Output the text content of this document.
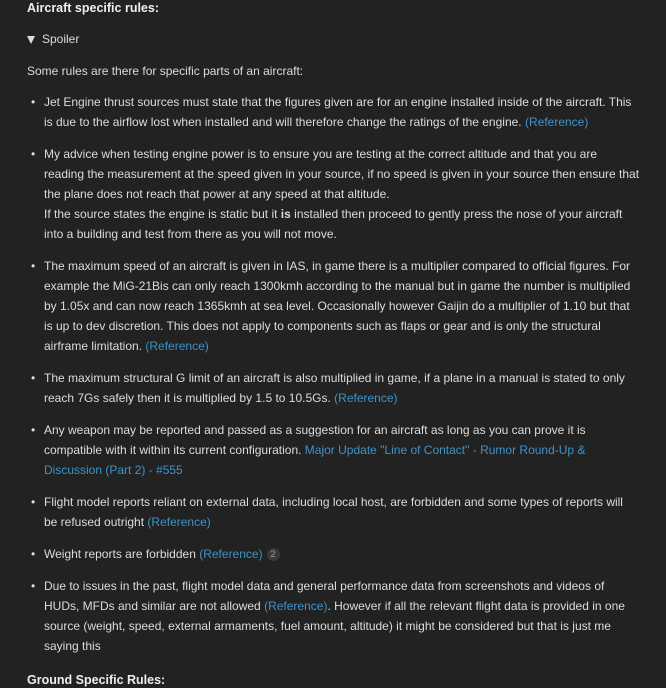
Aircraft specific rules:
Spoiler
Some rules are there for specific parts of an aircraft:
• Jet Engine thrust sources must state that the figures given are for an engine installed inside of the aircraft. This
is due to the airflow lost when installed and will therefore change the ratings of the engine. (Reference)
• My advice when testing engine power is to ensure you are testing at the correct altitude and that you are
reading the measurement at the speed given in your source, if no speed is given in your source then ensure that
the plane does not reach that power at any speed at that altitude.
If the source states the engine is static but it is installed then proceed to gently press the nose of your aircraft
into a building and test from there as you will not move.
• The maximum speed of an aircraft is given in IAS, in game there is a multiplier compared to official figures. For
example the MiG-21Bis can only reach 1300kmh according to the manual but in game the number is multiplied
by 1.05x and can now reach 1365kmh at sea level. Occasionally however Gaijin do a multiplier of 1.10 but that
is up to dev discretion. This does not apply to components such as flaps or gear and is only the structural
airframe limitation. (Reference)
• The maximum structural G limit of an aircraft is also multiplied in game, if a plane in a manual is stated to only
reach 7Gs safely then it is multiplied by 1.5 to 10.5Gs. (Reference)
• Any weapon may be reported and passed as a suggestion for an aircraft as long as you can prove it is
compatible with it within its current configuration. Major Update "Line of Contact" - Rumor Round-Up &
Discussion (Part 2) - #555
• Flight model reports reliant on external data, including local host, are forbidden and some types of reports will
be refused outright (Reference)
• Weight reports are forbidden (Reference) 2
• Due to issues in the past, flight model data and general performance data from screenshots and videos of
HUDs, MFDs and similar are not allowed (Reference). However if all the relevant flight data is provided in one
source (weight, speed, external armaments, fuel amount, altitude) it might be considered but that is just me
saying this
Ground Specific Rules:
